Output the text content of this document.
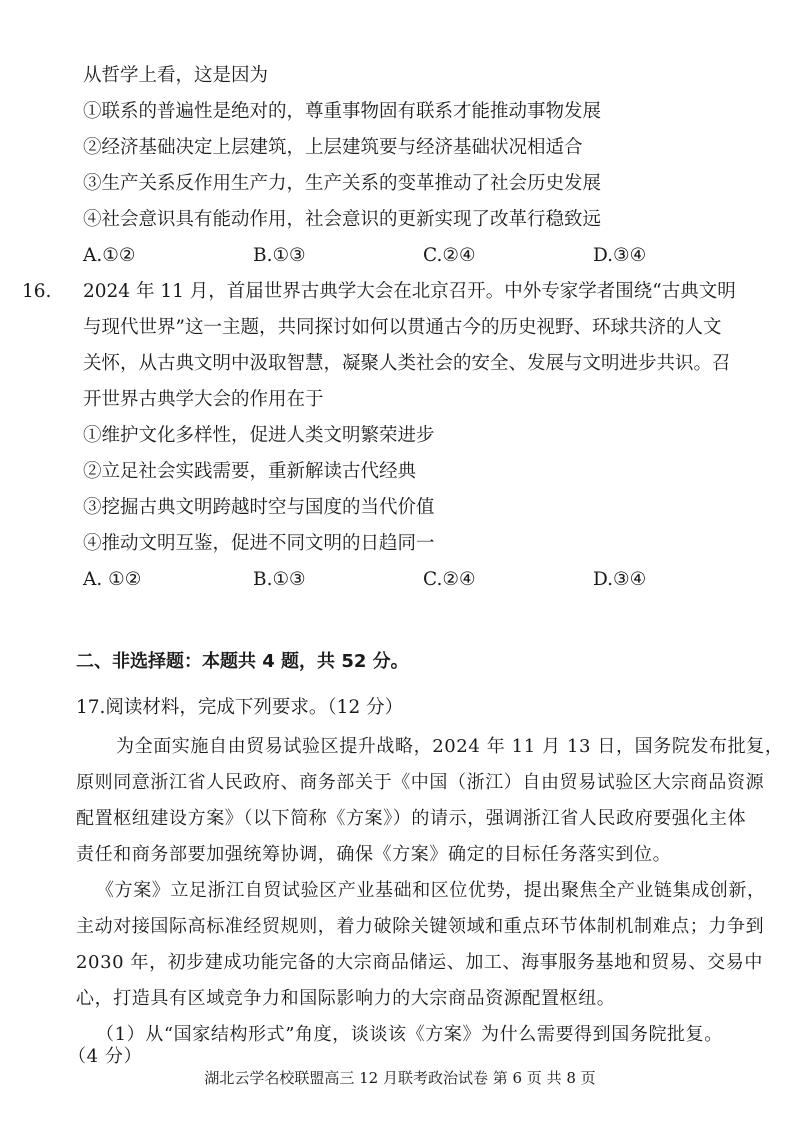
从哲学上看，这是因为
①联系的普遍性是绝对的，尊重事物固有联系才能推动事物发展
②经济基础决定上层建筑，上层建筑要与经济基础状况相适合
③生产关系反作用生产力，生产关系的变革推动了社会历史发展
④社会意识具有能动作用，社会意识的更新实现了改革行稳致远
A.①②	B.①③	C.②④	D.③④
16. 2024 年 11 月，首届世界古典学大会在北京召开。中外专家学者围绕“古典文明
与现代世界”这一主题，共同探讨如何以贯通古今的历史视野、环球共济的人文
关怀，从古典文明中汲取智慧，凝聚人类社会的安全、发展与文明进步共识。召
开世界古典学大会的作用在于
①维护文化多样性，促进人类文明繁荣进步
②立足社会实践需要，重新解读古代经典
③挖掘古典文明跨越时空与国度的当代价值
④推动文明互鉴，促进不同文明的日趋同一
A. ①②	B.①③	C.②④	D.③④
二、非选择题：本题共 4 题，共 52 分。
17.阅读材料，完成下列要求。（12 分）
为全面实施自由贸易试验区提升战略，2024 年 11 月 13 日，国务院发布批复，
原则同意浙江省人民政府、商务部关于《中国（浙江）自由贸易试验区大宗商品资源
配置枢纽建设方案》（以下简称《方案》）的请示，强调浙江省人民政府要强化主体
责任和商务部要加强统筹协调，确保《方案》确定的目标任务落实到位。
《方案》立足浙江自贸试验区产业基础和区位优势，提出聚焦全产业链集成创新，
主动对接国际高标准经贸规则，着力破除关键领域和重点环节体制机制难点；力争到
2030 年，初步建成功能完备的大宗商品储运、加工、海事服务基地和贸易、交易中
心，打造具有区域竞争力和国际影响力的大宗商品资源配置枢纽。
（1）从“国家结构形式”角度，谈谈该《方案》为什么需要得到国务院批复。
（4 分）
湖北云学名校联盟高三 12 月联考政治试卷 第 6 页 共 8 页
